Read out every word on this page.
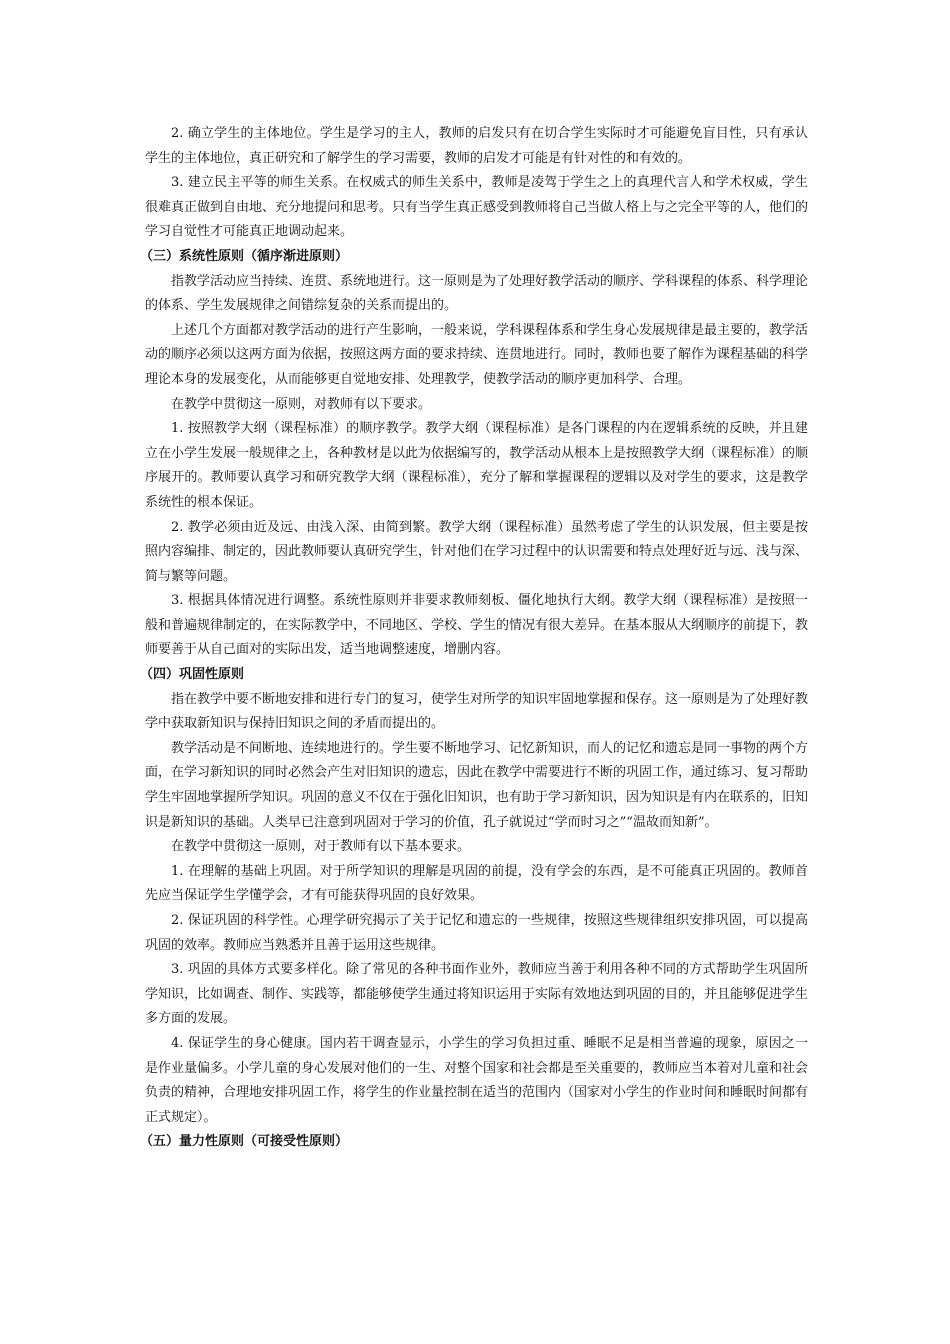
2. 确立学生的主体地位。学生是学习的主人，教师的启发只有在切合学生实际时才可能避免盲目性，只有承认学生的主体地位，真正研究和了解学生的学习需要，教师的启发才可能是有针对性的和有效的。

3. 建立民主平等的师生关系。在权威式的师生关系中，教师是凌驾于学生之上的真理代言人和学术权威，学生很难真正做到自由地、充分地提问和思考。只有当学生真正感受到教师将自己当做人格上与之完全平等的人，他们的学习自觉性才可能真正地调动起来。

（三）系统性原则（循序渐进原则）

指教学活动应当持续、连贯、系统地进行。这一原则是为了处理好教学活动的顺序、学科课程的体系、科学理论的体系、学生发展规律之间错综复杂的关系而提出的。

上述几个方面都对教学活动的进行产生影响，一般来说，学科课程体系和学生身心发展规律是最主要的，教学活动的顺序必须以这两方面为依据，按照这两方面的要求持续、连贯地进行。同时，教师也要了解作为课程基础的科学理论本身的发展变化，从而能够更自觉地安排、处理教学，使教学活动的顺序更加科学、合理。

在教学中贯彻这一原则，对教师有以下要求。

1. 按照教学大纲（课程标准）的顺序教学。教学大纲（课程标准）是各门课程的内在逻辑系统的反映，并且建立在小学生发展一般规律之上，各种教材是以此为依据编写的，教学活动从根本上是按照教学大纲（课程标准）的顺序展开的。教师要认真学习和研究教学大纲（课程标准），充分了解和掌握课程的逻辑以及对学生的要求，这是教学系统性的根本保证。

2. 教学必须由近及远、由浅入深、由简到繁。教学大纲（课程标准）虽然考虑了学生的认识发展，但主要是按照内容编排、制定的，因此教师要认真研究学生，针对他们在学习过程中的认识需要和特点处理好近与远、浅与深、简与繁等问题。

3. 根据具体情况进行调整。系统性原则并非要求教师刻板、僵化地执行大纲。教学大纲（课程标准）是按照一般和普遍规律制定的，在实际教学中，不同地区、学校、学生的情况有很大差异。在基本服从大纲顺序的前提下，教师要善于从自己面对的实际出发，适当地调整速度，增删内容。

（四）巩固性原则

指在教学中要不断地安排和进行专门的复习，使学生对所学的知识牢固地掌握和保存。这一原则是为了处理好教学中获取新知识与保持旧知识之间的矛盾而提出的。

教学活动是不间断地、连续地进行的。学生要不断地学习、记忆新知识，而人的记忆和遗忘是同一事物的两个方面，在学习新知识的同时必然会产生对旧知识的遗忘，因此在教学中需要进行不断的巩固工作，通过练习、复习帮助学生牢固地掌握所学知识。巩固的意义不仅在于强化旧知识，也有助于学习新知识，因为知识是有内在联系的，旧知识是新知识的基础。人类早已注意到巩固对于学习的价值，孔子就说过“学而时习之”“温故而知新”。

在教学中贯彻这一原则，对于教师有以下基本要求。

1. 在理解的基础上巩固。对于所学知识的理解是巩固的前提，没有学会的东西，是不可能真正巩固的。教师首先应当保证学生学懂学会，才有可能获得巩固的良好效果。

2. 保证巩固的科学性。心理学研究揭示了关于记忆和遗忘的一些规律，按照这些规律组织安排巩固，可以提高巩固的效率。教师应当熟悉并且善于运用这些规律。

3. 巩固的具体方式要多样化。除了常见的各种书面作业外，教师应当善于利用各种不同的方式帮助学生巩固所学知识，比如调查、制作、实践等，都能够使学生通过将知识运用于实际有效地达到巩固的目的，并且能够促进学生多方面的发展。

4. 保证学生的身心健康。国内若干调查显示，小学生的学习负担过重、睡眠不足是相当普遍的现象，原因之一是作业量偏多。小学儿童的身心发展对他们的一生、对整个国家和社会都是至关重要的，教师应当本着对儿童和社会负责的精神，合理地安排巩固工作，将学生的作业量控制在适当的范围内（国家对小学生的作业时间和睡眠时间都有正式规定）。

（五）量力性原则（可接受性原则）
